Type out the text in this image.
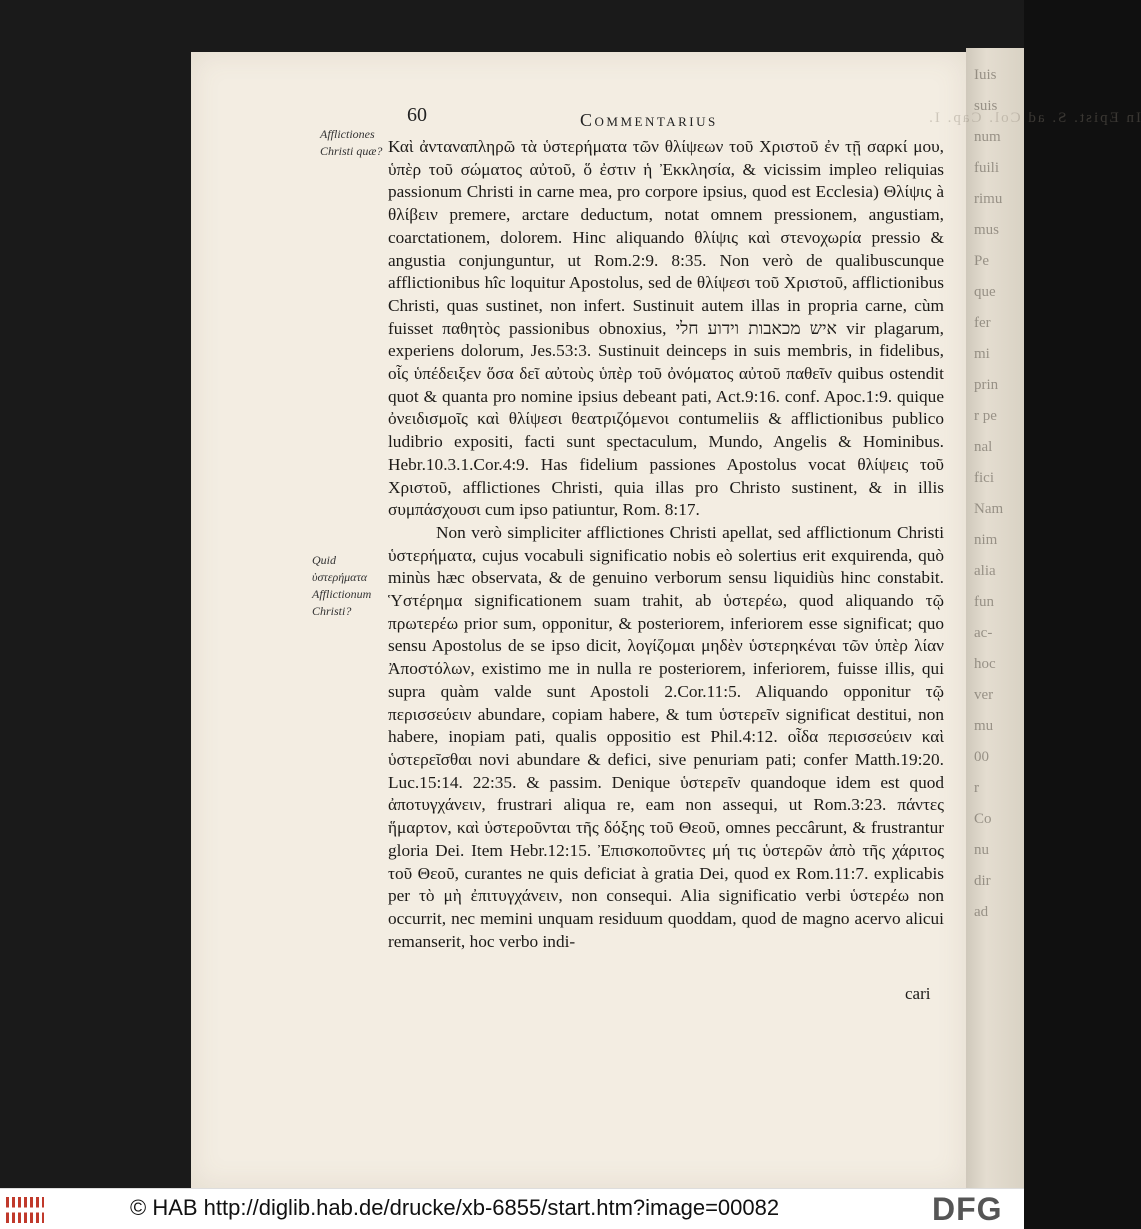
Iuis
suis
num
fuili
rimu
mus
Pe
que
fer
mi
prin
r pe
nal
fici
Nam
nim
alia
fun
ac-
hoc
ver
mu
00
r
Co
nu
dir
ad
In Epist. S. ad Col. Cap. I.
60	Commentarius
Afflictiones Christi quæ?
Quid ὑστερήματα Afflictionum Christi?

Καὶ ἀνταναπληρῶ τὰ ὑστερήματα τῶν θλίψεων τοῦ Χριστοῦ ἐν τῇ σαρκί μου, ὑπὲρ τοῦ σώματος αὐτοῦ, ὅ ἐστιν ἡ Ἐκκλησία, & vicissim impleo reliquias passionum Christi in carne mea, pro corpore ipsius, quod est Ecclesia) Θλίψις à θλίβειν premere, arctare deductum, notat omnem pressionem, angustiam, coarctationem, dolorem. Hinc aliquando θλίψις καὶ στενοχωρία pressio & angustia conjunguntur, ut Rom.2:9. 8:35. Non verò de qualibuscunque afflictionibus hîc loquitur Apostolus, sed de θλίψεσι τοῦ Χριστοῦ, afflictionibus Christi, quas sustinet, non infert. Sustinuit autem illas in propria carne, cùm fuisset παθητὸς passionibus obnoxius, איש מכאבות וידוע חלי vir plagarum, experiens dolorum, Jes.53:3. Sustinuit deinceps in suis membris, in fidelibus, οἷς ὑπέδειξεν ὅσα δεῖ αὐτοὺς ὑπὲρ τοῦ ὀνόματος αὐτοῦ παθεῖν quibus ostendit quot & quanta pro nomine ipsius debeant pati, Act.9:16. conf. Apoc.1:9. quique ὀνειδισμοῖς καὶ θλίψεσι θεατριζόμενοι contumeliis & afflictionibus publico ludibrio expositi, facti sunt spectaculum, Mundo, Angelis & Hominibus. Hebr.10.3.1.Cor.4:9. Has fidelium passiones Apostolus vocat θλίψεις τοῦ Χριστοῦ, afflictiones Christi, quia illas pro Christo sustinent, & in illis συμπάσχουσι cum ipso patiuntur, Rom. 8:17.

Non verò simpliciter afflictiones Christi apellat, sed afflictionum Christi ὑστερήματα, cujus vocabuli significatio nobis eò solertius erit exquirenda, quò minùs hæc observata, & de genuino verborum sensu liquidiùs hinc constabit. Ὑστέρημα significationem suam trahit, ab ὑστερέω, quod aliquando τῷ πρωτερέω prior sum, opponitur, & posteriorem, inferiorem esse significat; quo sensu Apostolus de se ipso dicit, λογίζομαι μηδὲν ὑστερηκέναι τῶν ὑπὲρ λίαν Ἀποστόλων, existimo me in nulla re posteriorem, inferiorem, fuisse illis, qui supra quàm valde sunt Apostoli 2.Cor.11:5. Aliquando opponitur τῷ περισσεύειν abundare, copiam habere, & tum ὑστερεῖν significat destitui, non habere, inopiam pati, qualis oppositio est Phil.4:12. οἶδα περισσεύειν καὶ ὑστερεῖσθαι novi abundare & defici, sive penuriam pati; confer Matth.19:20. Luc.15:14. 22:35. & passim. Denique ὑστερεῖν quandoque idem est quod ἀποτυγχάνειν, frustrari aliqua re, eam non assequi, ut Rom.3:23. πάντες ἥμαρτον, καὶ ὑστεροῦνται τῆς δόξης τοῦ Θεοῦ, omnes peccârunt, & frustrantur gloria Dei. Item Hebr.12:15. Ἐπισκοποῦντες μή τις ὑστερῶν ἀπὸ τῆς χάριτος τοῦ Θεοῦ, curantes ne quis deficiat à gratia Dei, quod ex Rom.11:7. explicabis per τὸ μὴ ἐπιτυγχάνειν, non consequi. Alia significatio verbi ὑστερέω non occurrit, nec memini unquam residuum quoddam, quod de magno acervo alicui remanserit, hoc verbo indi-

cari
© HAB http://diglib.hab.de/drucke/xb-6855/start.htm?image=00082	DFG
